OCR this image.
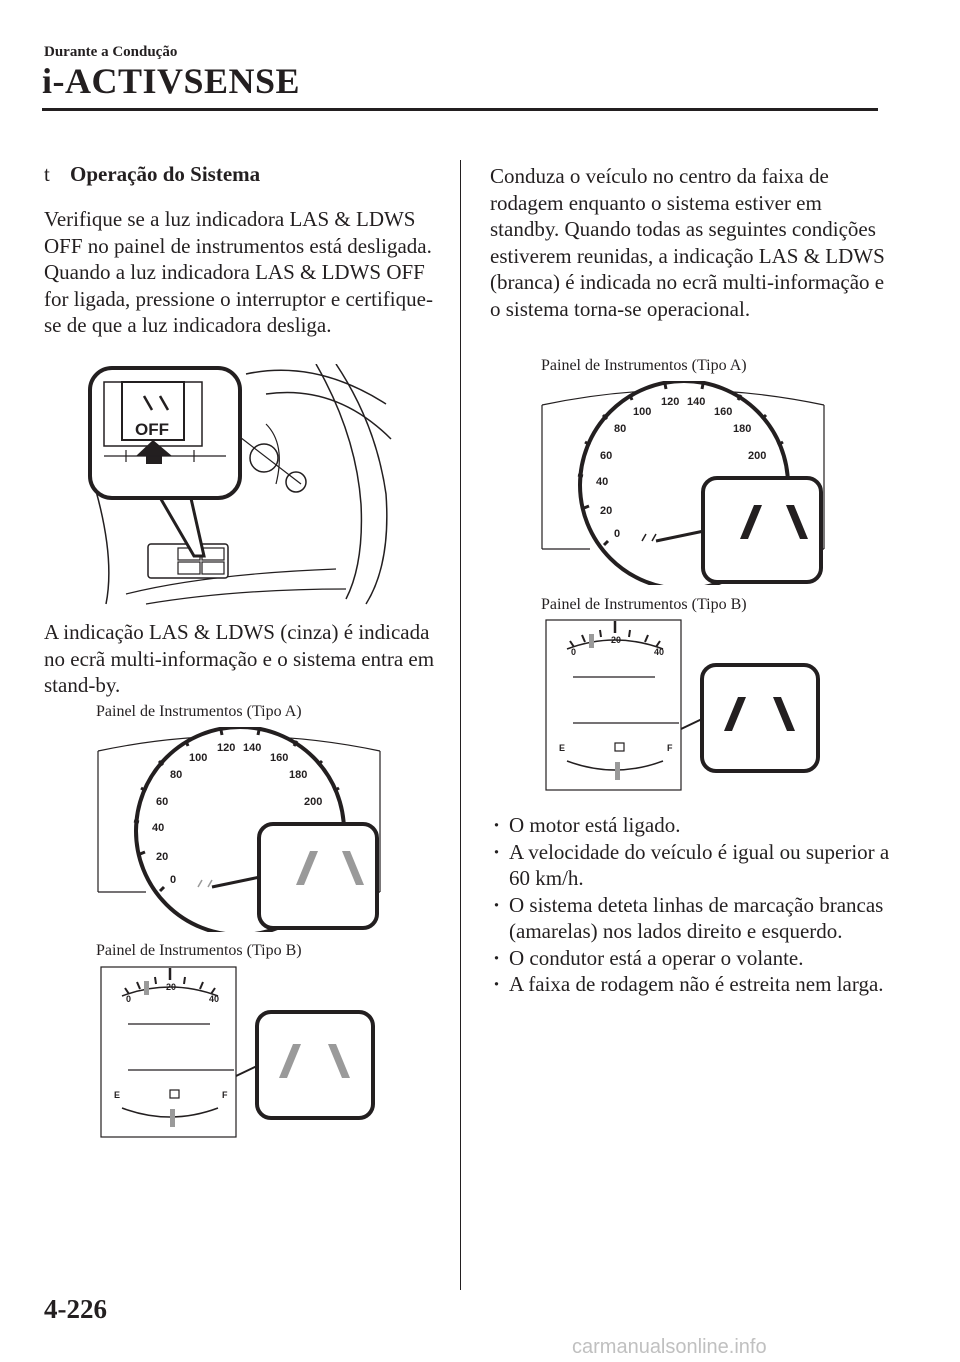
Durante a Condução
i-ACTIVSENSE
t Operação do Sistema
Verifique se a luz indicadora LAS & LDWS OFF no painel de instrumentos está desligada. Quando a luz indicadora LAS & LDWS OFF for ligada, pressione o interruptor e certifique-se de que a luz indicadora desliga.
OFF
A indicação LAS & LDWS (cinza) é indicada no ecrã multi-informação e o sistema entra em stand-by.
Painel de Instrumentos (Tipo A)
0
20
40
60
80
100
120 140
160
180
200
Painel de Instrumentos (Tipo B)
0
20
40
E	F
Conduza o veículo no centro da faixa de rodagem enquanto o sistema estiver em standby. Quando todas as seguintes condições estiverem reunidas, a indicação LAS & LDWS (branca) é indicada no ecrã multi-informação e o sistema torna-se operacional.
Painel de Instrumentos (Tipo A)
0
20
40
60
80
100
120 140
160
180
200
Painel de Instrumentos (Tipo B)
0
20
40
E	F
· O motor está ligado.
· A velocidade do veículo é igual ou superior a 60 km/h.
· O sistema deteta linhas de marcação brancas (amarelas) nos lados direito e esquerdo.
· O condutor está a operar o volante.
· A faixa de rodagem não é estreita nem larga.
4-226
carmanualsonline.info
